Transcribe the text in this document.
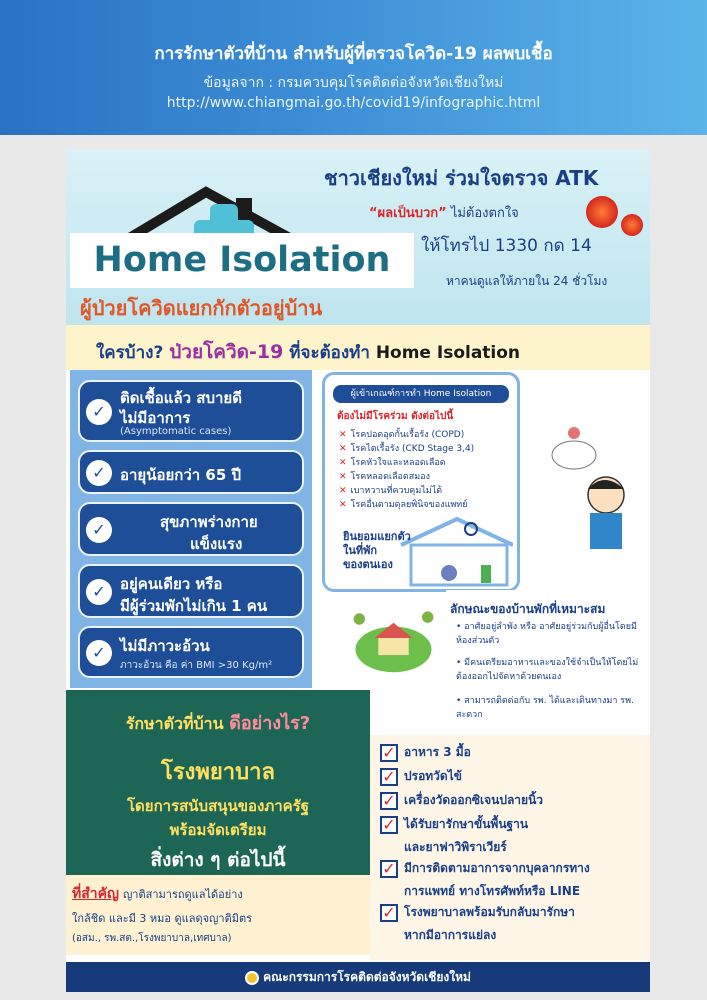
การรักษาตัวที่บ้าน สำหรับผู้ที่ตรวจโควิด-19 ผลพบเชื้อ
ข้อมูลจาก : กรมควบคุมโรคติดต่อจังหวัดเชียงใหม่
http://www.chiangmai.go.th/covid19/infographic.html
ชาวเชียงใหม่ ร่วมใจตรวจ ATK
“ผลเป็นบวก” ไม่ต้องตกใจ
ให้โทรไป 1330 กด 14
หาคนดูแลให้ภายใน 24 ชั่วโมง
Home Isolation
ผู้ป่วยโควิดแยกกักตัวอยู่บ้าน
ใครบ้าง? ป่วยโควิด-19 ที่จะต้องทำ Home Isolation
✓
ติดเชื้อแล้ว สบายดี
ไม่มีอาการ
(Asymptomatic cases)
✓ อายุน้อยกว่า 65 ปี
✓	สุขภาพร่างกาย
แข็งแรง
✓ อยู่คนเดียว หรือ
มีผู้ร่วมพักไม่เกิน 1 คน
✓ ไม่มีภาวะอ้วน
ภาวะอ้วน คือ ค่า BMI >30 Kg/m²
ผู้เข้าเกณฑ์การทำ Home Isolation
ต้องไม่มีโรคร่วม ดังต่อไปนี้
✕ โรคปอดอุดกั้นเรื้อรัง (COPD)
✕ โรคไตเรื้อรัง (CKD Stage 3,4)
✕ โรคหัวใจและหลอดเลือด
✕ โรคหลอดเลือดสมอง
✕ เบาหวานที่ควบคุมไม่ได้
✕ โรคอื่นตามดุลยพินิจของแพทย์
ยินยอมแยกตัว
ในที่พัก
ของตนเอง
ลักษณะของบ้านพักที่เหมาะสม
• อาศัยอยู่ลำพัง หรือ อาศัยอยู่ร่วมกับผู้อื่นโดยมีห้องส่วนตัว
• มีคนเตรียมอาหารและของใช้จำเป็นให้โดยไม่ต้องออกไปจัดหาด้วยตนเอง
• สามารถติดต่อกับ รพ. ได้และเดินทางมา รพ. สะดวก
รักษาตัวที่บ้าน ดีอย่างไร?
โรงพยาบาล
โดยการสนับสนุนของภาครัฐ
พร้อมจัดเตรียม
สิ่งต่าง ๆ ต่อไปนี้
ที่สำคัญ ญาติสามารถดูแลได้อย่าง
ใกล้ชิด และมี 3 หมอ ดูแลดุจญาติมิตร
(อสม., รพ.สต.,โรงพยาบาล,เทศบาล)
✓ อาหาร 3 มื้อ
✓ ปรอทวัดไข้
✓ เครื่องวัดออกซิเจนปลายนิ้ว
✓ ได้รับยารักษาขั้นพื้นฐาน
และยาฟาวิพิราเวียร์
✓ มีการติดตามอาการจากบุคลากรทาง
การแพทย์ ทางโทรศัพท์หรือ LINE
✓ โรงพยาบาลพร้อมรับกลับมารักษา
หากมีอาการแย่ลง
คณะกรรมการโรคติดต่อจังหวัดเชียงใหม่
